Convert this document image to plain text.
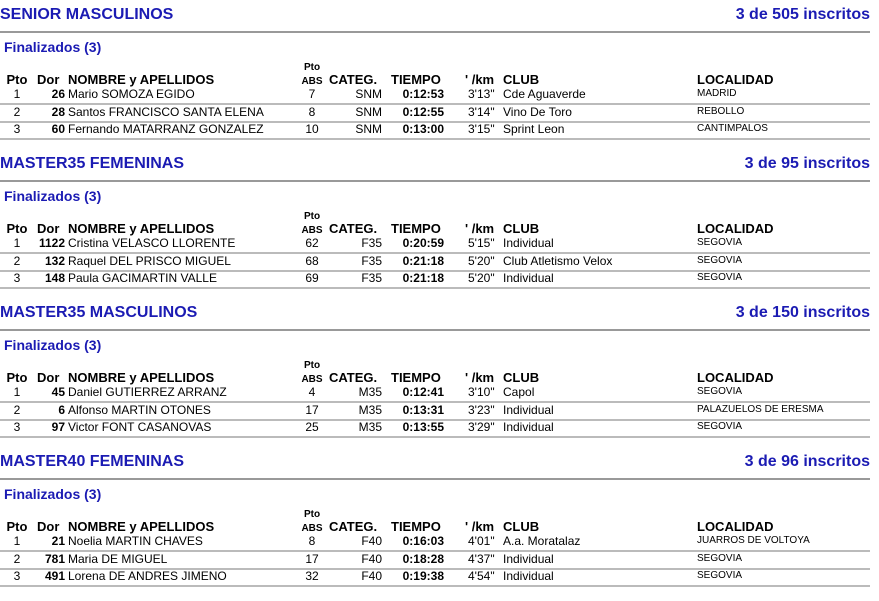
SENIOR MASCULINOS	3 de 505 inscritos
Finalizados (3)
Pto Dor NOMBRE y APELLIDOS
Pto
ABS CATEG. TIEMPO ' /km CLUB	LOCALIDAD
1	26 Mario SOMOZA EGIDO	7	SNM	0:12:53 3'13" Cde Aguaverde	MADRID
2	28 Santos FRANCISCO SANTA ELENA	8	SNM	0:12:55 3'14" Vino De Toro	REBOLLO
3	60 Fernando MATARRANZ GONZALEZ	10	SNM	0:13:00 3'15" Sprint Leon	CANTIMPALOS
MASTER35 FEMENINAS	3 de 95 inscritos
Finalizados (3)
Pto Dor NOMBRE y APELLIDOS
Pto
ABS CATEG. TIEMPO ' /km CLUB	LOCALIDAD
1	1122 Cristina VELASCO LLORENTE	62	F35	0:20:59 5'15" Individual	SEGOVIA
2	132 Raquel DEL PRISCO MIGUEL	68	F35	0:21:18 5'20" Club Atletismo Velox	SEGOVIA
3	148 Paula GACIMARTIN VALLE	69	F35	0:21:18 5'20" Individual	SEGOVIA
MASTER35 MASCULINOS	3 de 150 inscritos
Finalizados (3)
Pto Dor NOMBRE y APELLIDOS
Pto
ABS CATEG. TIEMPO ' /km CLUB	LOCALIDAD
1	45 Daniel GUTIERREZ ARRANZ	4	M35	0:12:41 3'10" Capol	SEGOVIA
2	6 Alfonso MARTIN OTONES	17	M35	0:13:31 3'23" Individual	PALAZUELOS DE ERESMA
3	97 Victor FONT CASANOVAS	25	M35	0:13:55 3'29" Individual	SEGOVIA
MASTER40 FEMENINAS	3 de 96 inscritos
Finalizados (3)
Pto Dor NOMBRE y APELLIDOS
Pto
ABS CATEG. TIEMPO ' /km CLUB	LOCALIDAD
1	21 Noelia MARTIN CHAVES	8	F40	0:16:03 4'01" A.a. Moratalaz	JUARROS DE VOLTOYA
2	781 Maria DE MIGUEL	17	F40	0:18:28 4'37" Individual	SEGOVIA
3	491 Lorena DE ANDRES JIMENO	32	F40	0:19:38 4'54" Individual	SEGOVIA
